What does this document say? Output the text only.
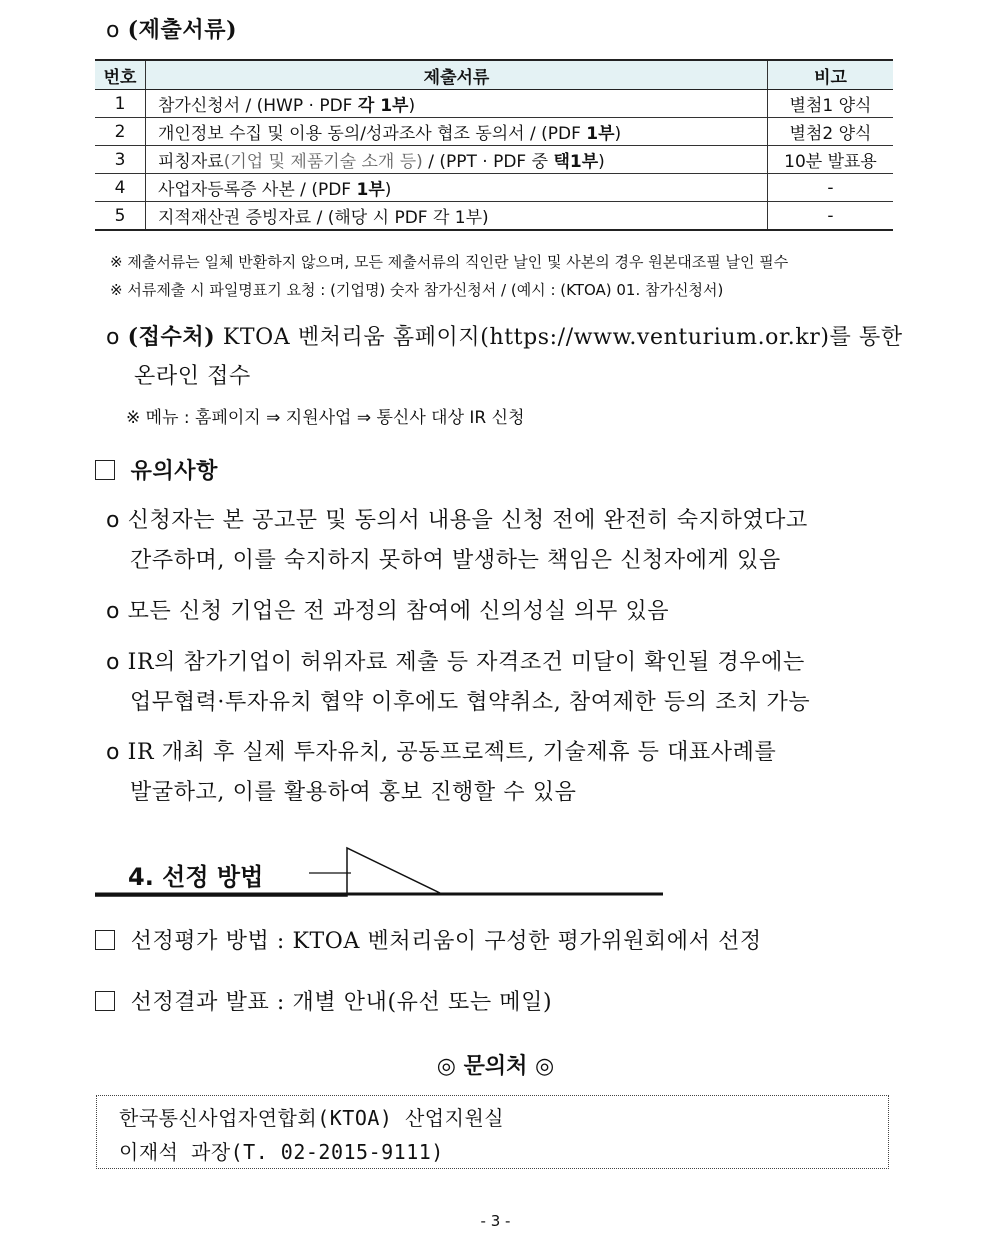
o (제출서류)
번호	제출서류	비고
1	참가신청서 / (HWP · PDF 각 1부)	별첨1 양식
2	개인정보 수집 및 이용 동의/성과조사 협조 동의서 / (PDF 1부)	별첨2 양식
3	피칭자료(기업 및 제품기술 소개 등) / (PPT · PDF 중 택1부)	10분 발표용
4	사업자등록증 사본 / (PDF 1부)	-
5	지적재산권 증빙자료 / (해당 시 PDF 각 1부)	-
※ 제출서류는 일체 반환하지 않으며, 모든 제출서류의 직인란 날인 및 사본의 경우 원본대조필 날인 필수
※ 서류제출 시 파일명표기 요청 : (기업명) 숫자 참가신청서 / (예시 : (KTOA) 01. 참가신청서)
o (접수처) KTOA 벤처리움 홈페이지(https://www.venturium.or.kr)를 통한
온라인 접수
※ 메뉴 : 홈페이지 ⇒ 지원사업 ⇒ 통신사 대상 IR 신청
유의사항
o 신청자는 본 공고문 및 동의서 내용을 신청 전에 완전히 숙지하였다고
간주하며, 이를 숙지하지 못하여 발생하는 책임은 신청자에게 있음
o 모든 신청 기업은 전 과정의 참여에 신의성실 의무 있음
o IR의 참가기업이 허위자료 제출 등 자격조건 미달이 확인될 경우에는
업무협력·투자유치 협약 이후에도 협약취소, 참여제한 등의 조치 가능
o IR 개최 후 실제 투자유치, 공동프로젝트, 기술제휴 등 대표사례를
발굴하고, 이를 활용하여 홍보 진행할 수 있음
4. 선정 방법
선정평가 방법 : KTOA 벤처리움이 구성한 평가위원회에서 선정
선정결과 발표 : 개별 안내(유선 또는 메일)
◎ 문의처 ◎
한국통신사업자연합회(KTOA) 산업지원실
이재석 과장(T. 02-2015-9111)
- 3 -
